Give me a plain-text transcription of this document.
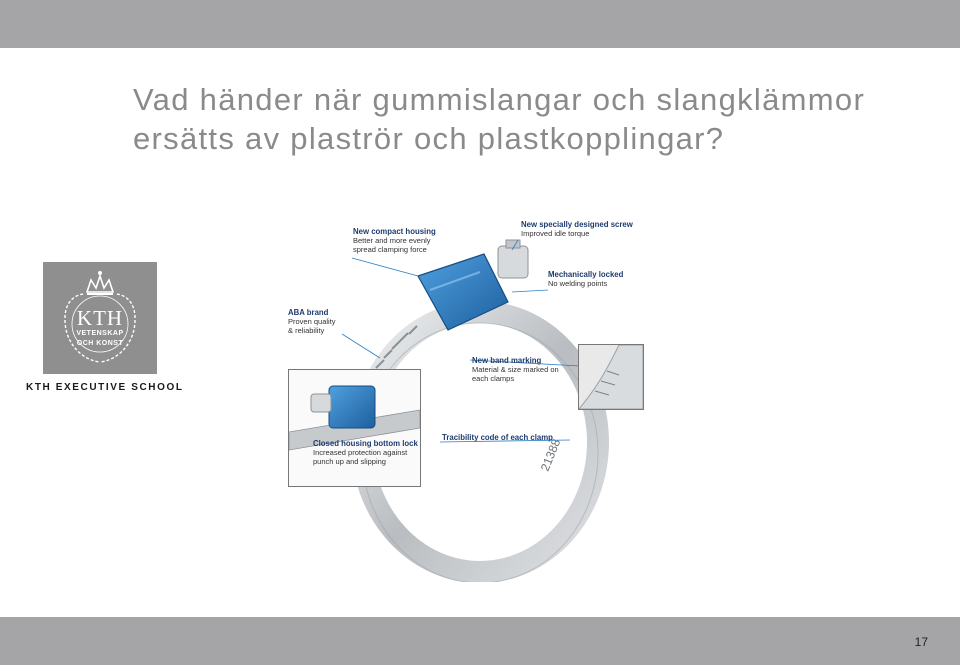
Vad händer när gummislangar och slangklämmor
ersätts av plaströr och plastkopplingar?
KTH
VETENSKAP
OCH KONST
KTH EXECUTIVE SCHOOL
21388
New compact housing
Better and more evenly
spread clamping force
New specially designed screw
Improved idle torque
Mechanically locked
No welding points
ABA brand
Proven quality
& reliability
New band marking
Material & size marked on
each clamps
Closed housing bottom lock
Increased protection against
punch up and slipping
Tracibility code of each clamp
17
